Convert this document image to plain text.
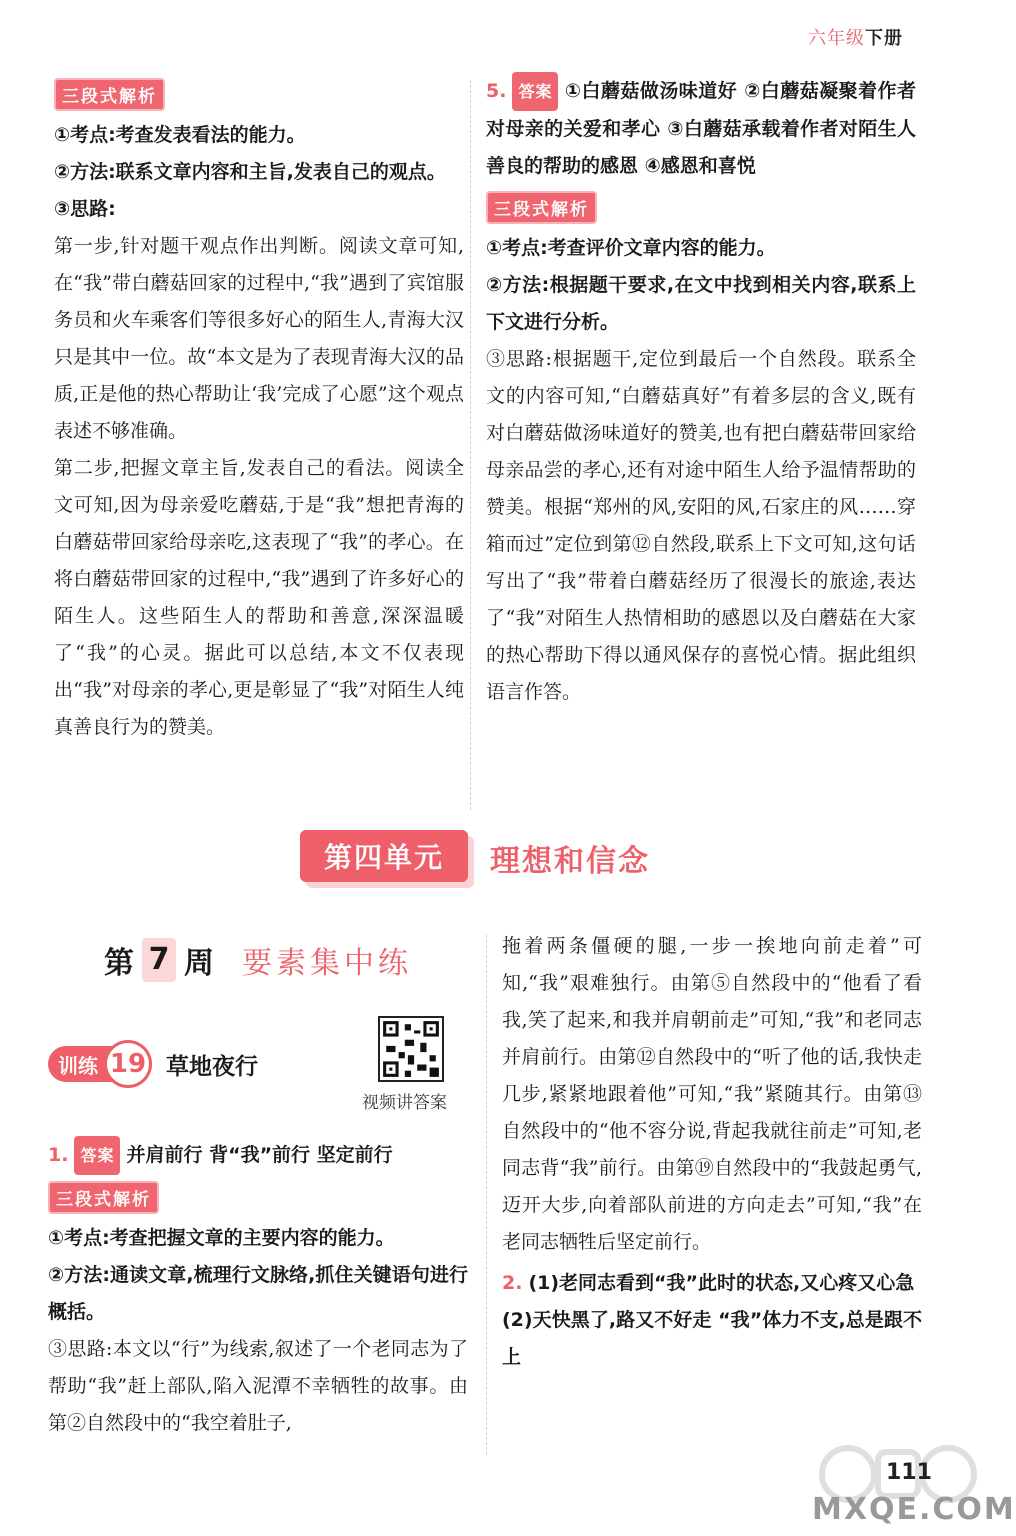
六年级下册
三段式解析
①考点:考查发表看法的能力。
②方法:联系文章内容和主旨,发表自己的观点。
③思路:
第一步,针对题干观点作出判断。阅读文章可知,在“我”带白蘑菇回家的过程中,“我”遇到了宾馆服务员和火车乘客们等很多好心的陌生人,青海大汉只是其中一位。故“本文是为了表现青海大汉的品质,正是他的热心帮助让‘我’完成了心愿”这个观点表述不够准确。
第二步,把握文章主旨,发表自己的看法。阅读全文可知,因为母亲爱吃蘑菇,于是“我”想把青海的白蘑菇带回家给母亲吃,这表现了“我”的孝心。在将白蘑菇带回家的过程中,“我”遇到了许多好心的陌生人。这些陌生人的帮助和善意,深深温暖了“我”的心灵。据此可以总结,本文不仅表现出“我”对母亲的孝心,更是彰显了“我”对陌生人纯真善良行为的赞美。
5. 答案 ①白蘑菇做汤味道好 ②白蘑菇凝聚着作者对母亲的关爱和孝心 ③白蘑菇承载着作者对陌生人善良的帮助的感恩 ④感恩和喜悦
三段式解析
①考点:考查评价文章内容的能力。
②方法:根据题干要求,在文中找到相关内容,联系上下文进行分析。
③思路:根据题干,定位到最后一个自然段。联系全文的内容可知,“白蘑菇真好”有着多层的含义,既有对白蘑菇做汤味道好的赞美,也有把白蘑菇带回家给母亲品尝的孝心,还有对途中陌生人给予温情帮助的赞美。根据“郑州的风,安阳的风,石家庄的风……穿箱而过”定位到第⑫自然段,联系上下文可知,这句话写出了“我”带着白蘑菇经历了很漫长的旅途,表达了“我”对陌生人热情相助的感恩以及白蘑菇在大家的热心帮助下得以通风保存的喜悦心情。据此组织语言作答。
第四单元	理想和信念
第 7 周 要素集中练
训练 19 草地夜行
视频讲答案
1. 答案 并肩前行 背“我”前行 坚定前行
三段式解析
①考点:考查把握文章的主要内容的能力。
②方法:通读文章,梳理行文脉络,抓住关键语句进行概括。
③思路:本文以“行”为线索,叙述了一个老同志为了帮助“我”赶上部队,陷入泥潭不幸牺牲的故事。由第②自然段中的“我空着肚子,
拖着两条僵硬的腿,一步一挨地向前走着”可知,“我”艰难独行。由第⑤自然段中的“他看了看我,笑了起来,和我并肩朝前走”可知,“我”和老同志并肩前行。由第⑫自然段中的“听了他的话,我快走几步,紧紧地跟着他”可知,“我”紧随其行。由第⑬自然段中的“他不容分说,背起我就往前走”可知,老同志背“我”前行。由第⑲自然段中的“我鼓起勇气,迈开大步,向着部队前进的方向走去”可知,“我”在老同志牺牲后坚定前行。
2. (1)老同志看到“我”此时的状态,又心疼又心急
(2)天快黑了,路又不好走 “我”体力不支,总是跟不上
MXQE.COM
111
